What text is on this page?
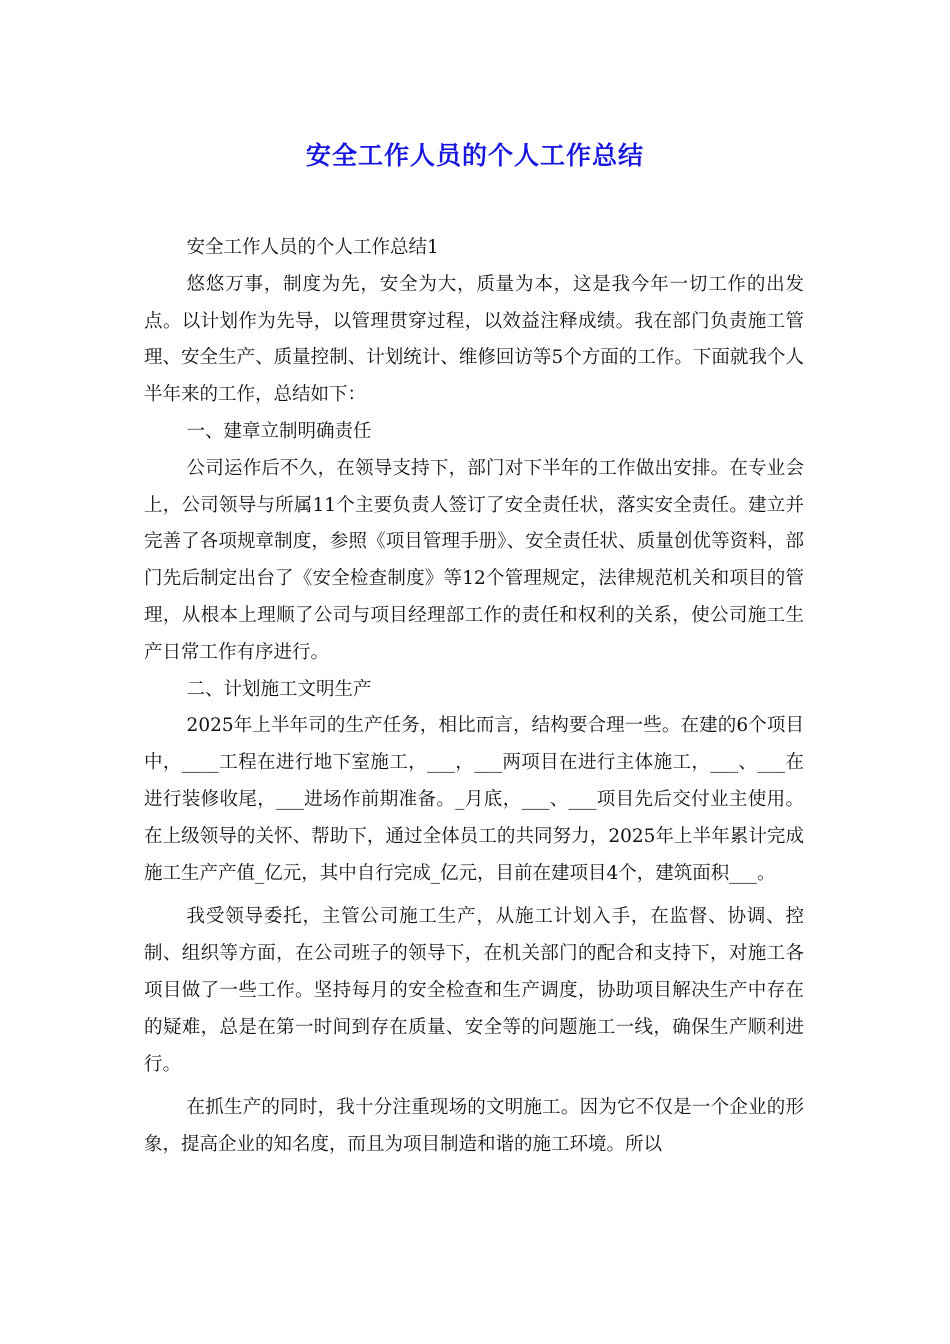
安全工作人员的个人工作总结

安全工作人员的个人工作总结1

悠悠万事，制度为先，安全为大，质量为本，这是我今年一切工作的出发点。以计划作为先导，以管理贯穿过程，以效益注释成绩。我在部门负责施工管理、安全生产、质量控制、计划统计、维修回访等5个方面的工作。下面就我个人半年来的工作，总结如下：

一、建章立制明确责任

公司运作后不久，在领导支持下，部门对下半年的工作做出安排。在专业会上，公司领导与所属11个主要负责人签订了安全责任状，落实安全责任。建立并完善了各项规章制度，参照《项目管理手册》、安全责任状、质量创优等资料，部门先后制定出台了《安全检查制度》等12个管理规定，法律规范机关和项目的管理，从根本上理顺了公司与项目经理部工作的责任和权利的关系，使公司施工生产日常工作有序进行。

二、计划施工文明生产

2025年上半年司的生产任务，相比而言，结构要合理一些。在建的6个项目中，____工程在进行地下室施工，___，___两项目在进行主体施工，___、___在进行装修收尾，___进场作前期准备。_月底，___、___项目先后交付业主使用。在上级领导的关怀、帮助下，通过全体员工的共同努力，2025年上半年累计完成施工生产产值_亿元，其中自行完成_亿元，目前在建项目4个，建筑面积___。

我受领导委托，主管公司施工生产，从施工计划入手，在监督、协调、控制、组织等方面，在公司班子的领导下，在机关部门的配合和支持下，对施工各项目做了一些工作。坚持每月的安全检查和生产调度，协助项目解决生产中存在的疑难，总是在第一时间到存在质量、安全等的问题施工一线，确保生产顺利进行。

在抓生产的同时，我十分注重现场的文明施工。因为它不仅是一个企业的形象，提高企业的知名度，而且为项目制造和谐的施工环境。所以
